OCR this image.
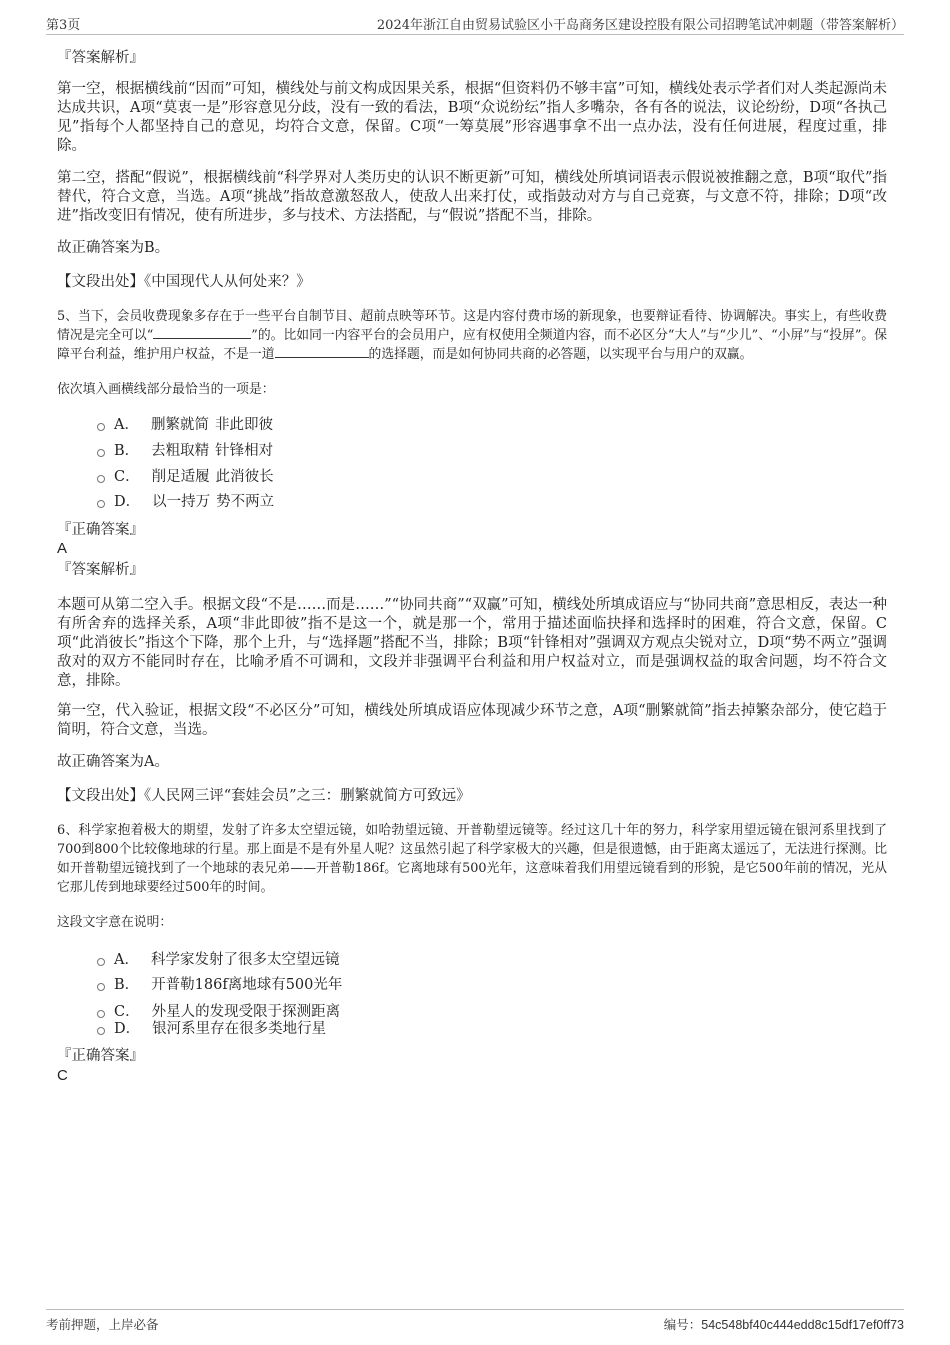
第3页	2024年浙江自由贸易试验区小干岛商务区建设控股有限公司招聘笔试冲刺题（带答案解析）
『答案解析』
第一空，根据横线前“因而”可知，横线处与前文构成因果关系，根据“但资料仍不够丰富”可知，横线处表示学者们对人类起源尚未达成共识，A项“莫衷一是”形容意见分歧，没有一致的看法，B项“众说纷纭”指人多嘴杂，各有各的说法，议论纷纷，D项“各执己见”指每个人都坚持自己的意见，均符合文意，保留。C项“一筹莫展”形容遇事拿不出一点办法，没有任何进展，程度过重，排除。
第二空，搭配“假说”，根据横线前“科学界对人类历史的认识不断更新”可知，横线处所填词语表示假说被推翻之意，B项“取代”指替代，符合文意，当选。A项“挑战”指故意激怒敌人，使敌人出来打仗，或指鼓动对方与自己竞赛，与文意不符，排除；D项“改进”指改变旧有情况，使有所进步，多与技术、方法搭配，与“假说”搭配不当，排除。
故正确答案为B。
【文段出处】《中国现代人从何处来？》
5、当下，会员收费现象多存在于一些平台自制节目、超前点映等环节。这是内容付费市场的新现象，也要辩证看待、协调解决。事实上，有些收费情况是完全可以“	”的。比如同一内容平台的会员用户，应有权使用全频道内容，而不必区分“大人”与“少儿”、“小屏”与“投屏”。保障平台利益，维护用户权益，不是一道	的选择题，而是如何协同共商的必答题，以实现平台与用户的双赢。
依次填入画横线部分最恰当的一项是：
A． 删繁就简 非此即彼
B． 去粗取精 针锋相对
C． 削足适履 此消彼长
D． 以一持万 势不两立
『正确答案』
A
『答案解析』
本题可从第二空入手。根据文段“不是……而是……”“协同共商”“双赢”可知，横线处所填成语应与“协同共商”意思相反，表达一种有所舍弃的选择关系，A项“非此即彼”指不是这一个，就是那一个，常用于描述面临抉择和选择时的困难，符合文意，保留。C项“此消彼长”指这个下降，那个上升，与“选择题”搭配不当，排除；B项“针锋相对”强调双方观点尖锐对立，D项“势不两立”强调敌对的双方不能同时存在，比喻矛盾不可调和，文段并非强调平台利益和用户权益对立，而是强调权益的取舍问题，均不符合文意，排除。
第一空，代入验证，根据文段“不必区分”可知，横线处所填成语应体现减少环节之意，A项“删繁就简”指去掉繁杂部分，使它趋于简明，符合文意，当选。
故正确答案为A。
【文段出处】《人民网三评“套娃会员”之三：删繁就简方可致远》
6、科学家抱着极大的期望，发射了许多太空望远镜，如哈勃望远镜、开普勒望远镜等。经过这几十年的努力，科学家用望远镜在银河系里找到了700到800个比较像地球的行星。那上面是不是有外星人呢？这虽然引起了科学家极大的兴趣，但是很遗憾，由于距离太遥远了，无法进行探测。比如开普勒望远镜找到了一个地球的表兄弟——开普勒186f。它离地球有500光年，这意味着我们用望远镜看到的形貌，是它500年前的情况，光从它那儿传到地球要经过500年的时间。
这段文字意在说明：
A． 科学家发射了很多太空望远镜
B． 开普勒186f离地球有500光年
C． 外星人的发现受限于探测距离
D． 银河系里存在很多类地行星
『正确答案』
C
考前押题，上岸必备	编号：54c548bf40c444edd8c15df17ef0ff73
